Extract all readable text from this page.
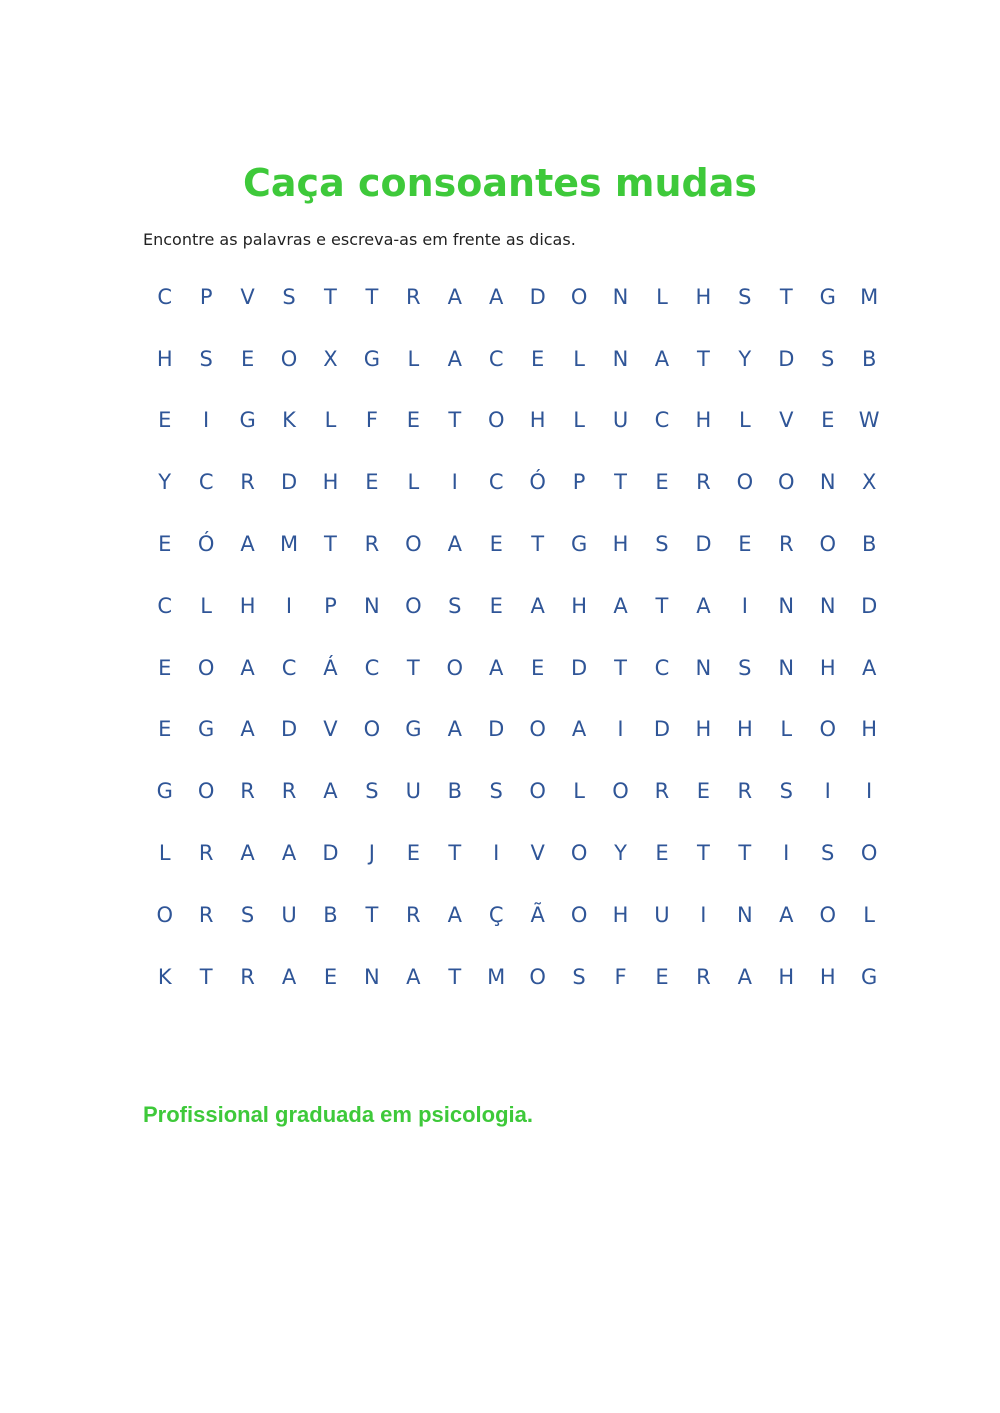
Caça consoantes mudas

Encontre as palavras e escreva-as em frente as dicas.

C	P	V	S	T	T	R	A	A	D	O	N	L	H	S	T	G	M
H	S	E	O	X	G	L	A	C	E	L	N	A	T	Y	D	S	B
E	I	G	K	L	F	E	T	O	H	L	U	C	H	L	V	E	W
Y	C	R	D	H	E	L	I	C	Ó	P	T	E	R	O	O	N	X
E	Ó	A	M	T	R	O	A	E	T	G	H	S	D	E	R	O	B
C	L	H	I	P	N	O	S	E	A	H	A	T	A	I	N	N	D
E	O	A	C	Á	C	T	O	A	E	D	T	C	N	S	N	H	A
E	G	A	D	V	O	G	A	D	O	A	I	D	H	H	L	O	H
G	O	R	R	A	S	U	B	S	O	L	O	R	E	R	S	I	I
L	R	A	A	D	J	E	T	I	V	O	Y	E	T	T	I	S	O
O	R	S	U	B	T	R	A	Ç	Ã	O	H	U	I	N	A	O	L
K	T	R	A	E	N	A	T	M	O	S	F	E	R	A	H	H	G

Profissional graduada em psicologia.
